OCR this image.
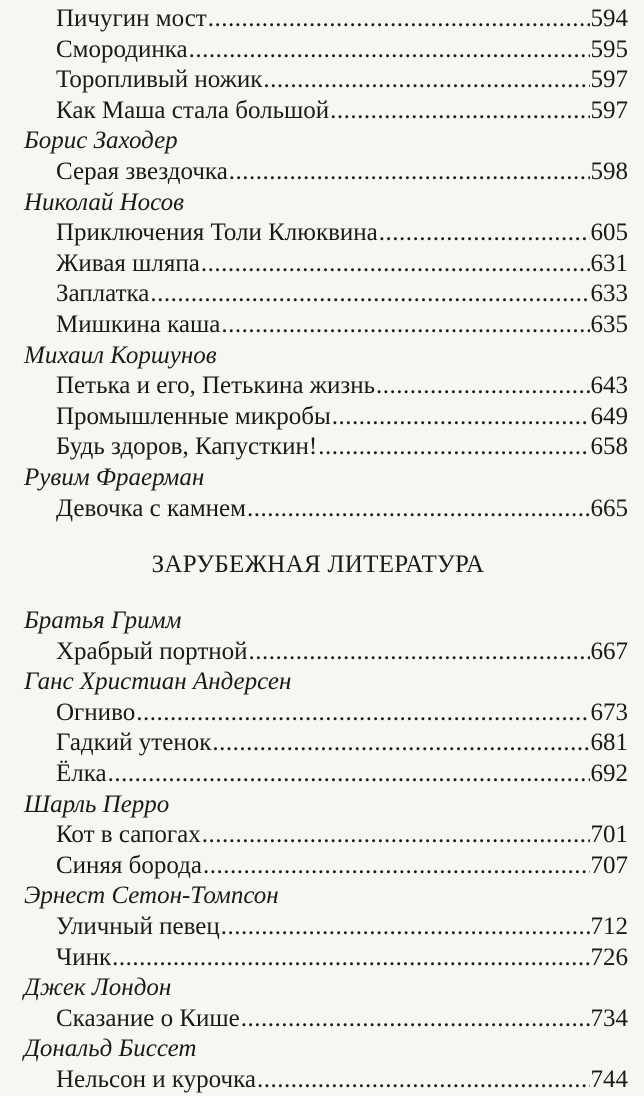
Пичугин мост .....	594
Смородинка .....	595
Торопливый ножик .....	597
Как Маша стала большой .....	597
Борис Заходер
Серая звездочка .....	598
Николай Носов
Приключения Толи Клюквина .....	605
Живая шляпа .....	631
Заплатка .....	633
Мишкина каша .....	635
Михаил Коршунов
Петька и его, Петькина жизнь .....	643
Промышленные микробы .....	649
Будь здоров, Капусткин! .....	658
Рувим Фраерман
Девочка с камнем .....	665
ЗАРУБЕЖНАЯ ЛИТЕРАТУРА
Братья Гримм
Храбрый портной .....	667
Ганс Христиан Андерсен
Огниво .....	673
Гадкий утенок .....	681
Ёлка .....	692
Шарль Перро
Кот в сапогах .....	701
Синяя борода .....	707
Эрнест Сетон-Томпсон
Уличный певец .....	712
Чинк .....	726
Джек Лондон
Сказание о Кише .....	734
Дональд Биссет
Нельсон и курочка .....	744
